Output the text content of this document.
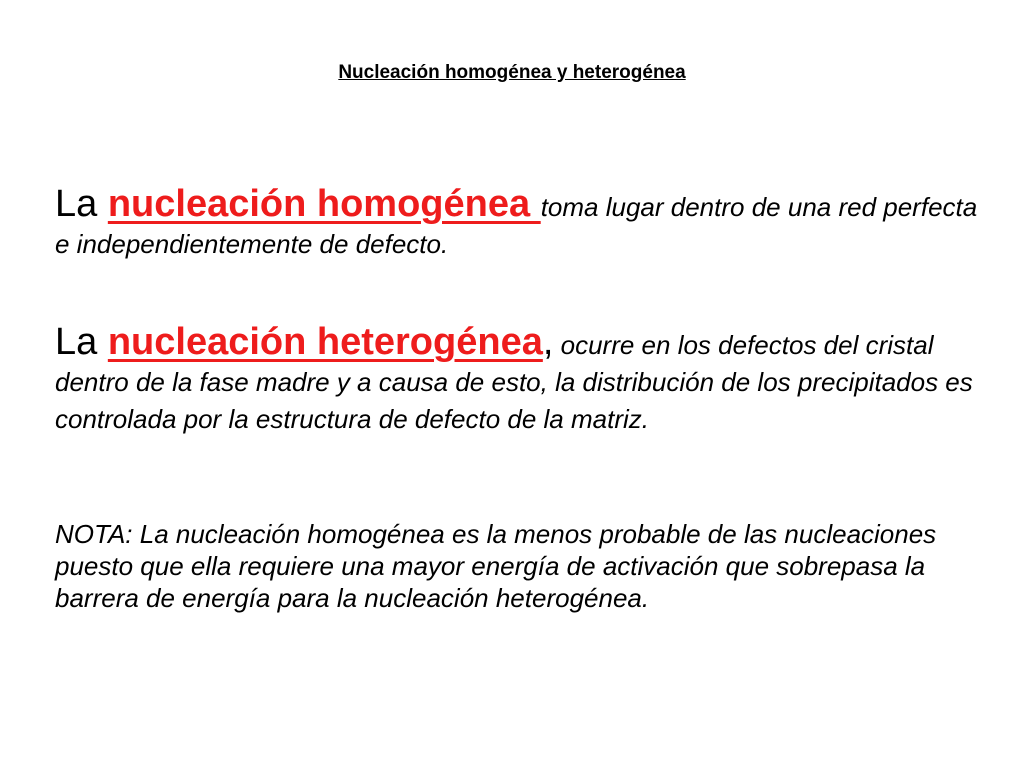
Nucleación homogénea y heterogénea

La nucleación homogénea toma lugar dentro de una red perfecta e independientemente de defecto.

La nucleación heterogénea, ocurre en los defectos del cristal dentro de la fase madre y a causa de esto, la distribución de los precipitados es controlada por la estructura de defecto de la matriz.

NOTA: La nucleación homogénea es la menos probable de las nucleaciones puesto que ella requiere una mayor energía de activación que sobrepasa la barrera de energía para la nucleación heterogénea.
